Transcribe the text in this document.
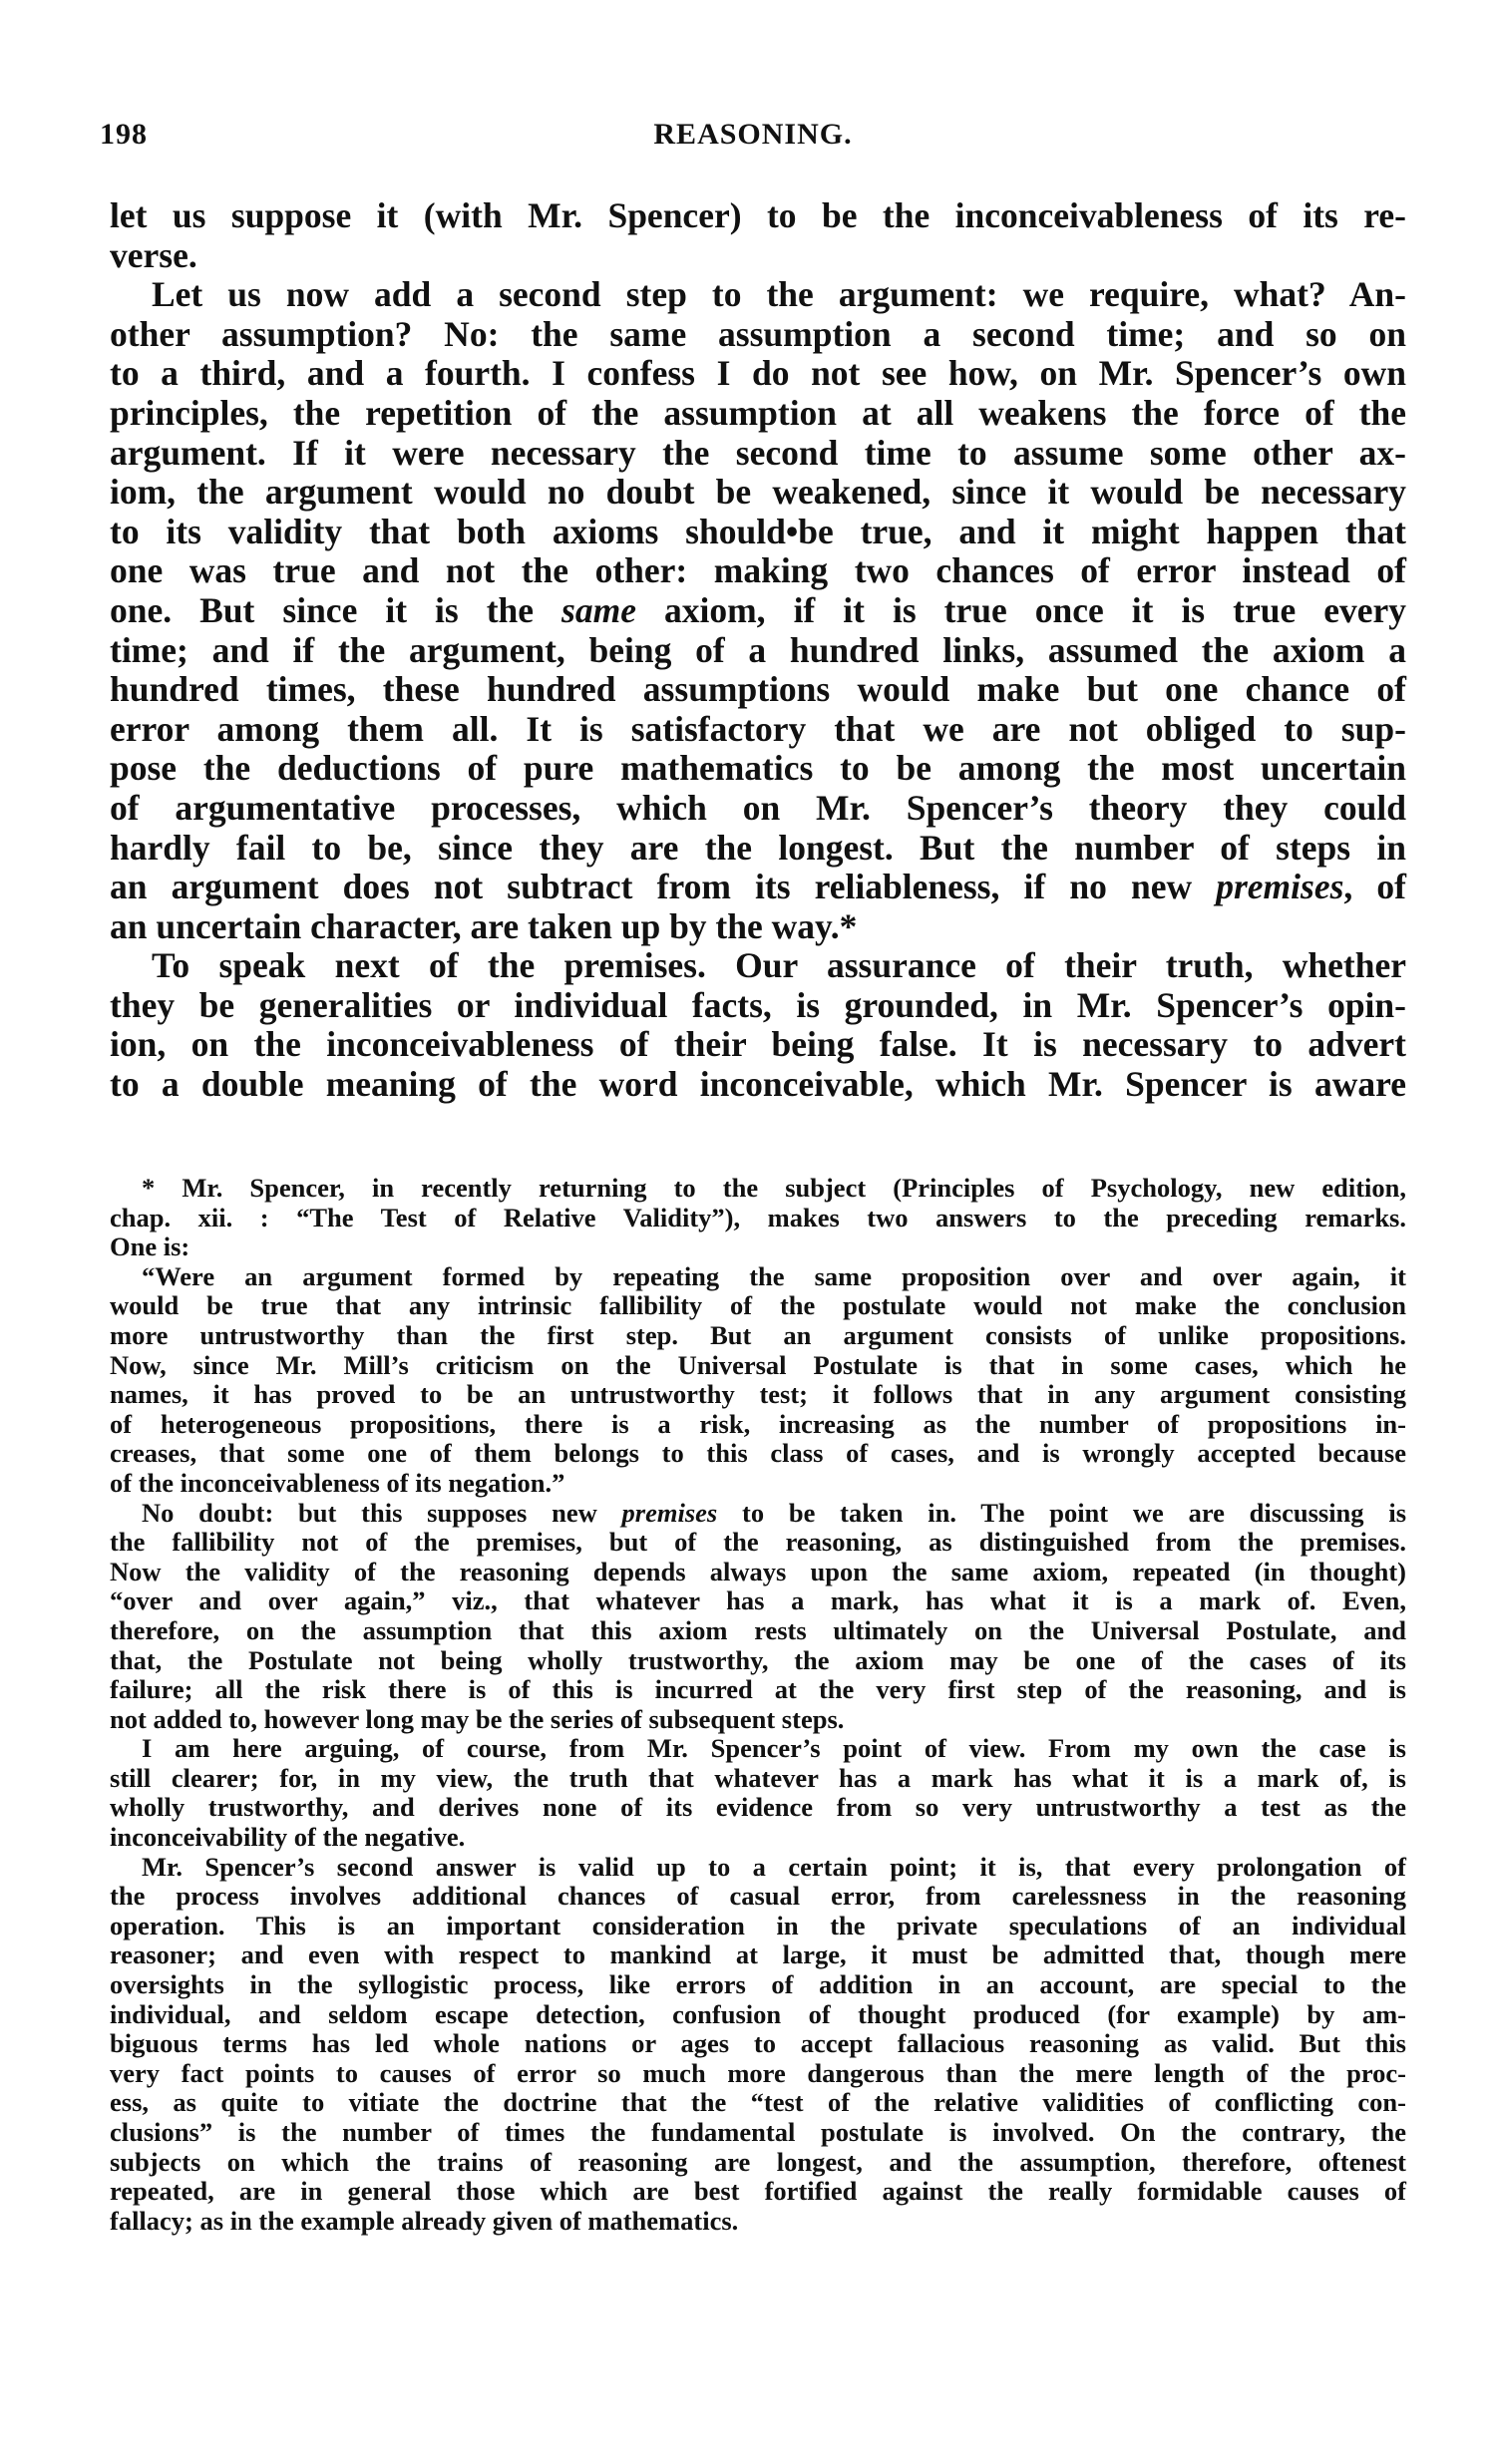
198	REASONING.
let us suppose it (with Mr. Spencer) to be the inconceivableness of its re-
verse.
Let us now add a second step to the argument: we require, what? An-
other assumption? No: the same assumption a second time; and so on
to a third, and a fourth. I confess I do not see how, on Mr. Spencer’s own
principles, the repetition of the assumption at all weakens the force of the
argument. If it were necessary the second time to assume some other ax-
iom, the argument would no doubt be weakened, since it would be necessary
to its validity that both axioms should•be true, and it might happen that
one was true and not the other: making two chances of error instead of
one. But since it is the same axiom, if it is true once it is true every
time; and if the argument, being of a hundred links, assumed the axiom a
hundred times, these hundred assumptions would make but one chance of
error among them all. It is satisfactory that we are not obliged to sup-
pose the deductions of pure mathematics to be among the most uncertain
of argumentative processes, which on Mr. Spencer’s theory they could
hardly fail to be, since they are the longest. But the number of steps in
an argument does not subtract from its reliableness, if no new premises, of
an uncertain character, are taken up by the way.*
To speak next of the premises. Our assurance of their truth, whether
they be generalities or individual facts, is grounded, in Mr. Spencer’s opin-
ion, on the inconceivableness of their being false. It is necessary to advert
to a double meaning of the word inconceivable, which Mr. Spencer is aware
* Mr. Spencer, in recently returning to the subject (Principles of Psychology, new edition,
chap. xii. : “The Test of Relative Validity”), makes two answers to the preceding remarks.
One is:
“Were an argument formed by repeating the same proposition over and over again, it
would be true that any intrinsic fallibility of the postulate would not make the conclusion
more untrustworthy than the first step. But an argument consists of unlike propositions.
Now, since Mr. Mill’s criticism on the Universal Postulate is that in some cases, which he
names, it has proved to be an untrustworthy test; it follows that in any argument consisting
of heterogeneous propositions, there is a risk, increasing as the number of propositions in-
creases, that some one of them belongs to this class of cases, and is wrongly accepted because
of the inconceivableness of its negation.”
No doubt: but this supposes new premises to be taken in. The point we are discussing is
the fallibility not of the premises, but of the reasoning, as distinguished from the premises.
Now the validity of the reasoning depends always upon the same axiom, repeated (in thought)
“over and over again,” viz., that whatever has a mark, has what it is a mark of. Even,
therefore, on the assumption that this axiom rests ultimately on the Universal Postulate, and
that, the Postulate not being wholly trustworthy, the axiom may be one of the cases of its
failure; all the risk there is of this is incurred at the very first step of the reasoning, and is
not added to, however long may be the series of subsequent steps.
I am here arguing, of course, from Mr. Spencer’s point of view. From my own the case is
still clearer; for, in my view, the truth that whatever has a mark has what it is a mark of, is
wholly trustworthy, and derives none of its evidence from so very untrustworthy a test as the
inconceivability of the negative.
Mr. Spencer’s second answer is valid up to a certain point; it is, that every prolongation of
the process involves additional chances of casual error, from carelessness in the reasoning
operation. This is an important consideration in the private speculations of an individual
reasoner; and even with respect to mankind at large, it must be admitted that, though mere
oversights in the syllogistic process, like errors of addition in an account, are special to the
individual, and seldom escape detection, confusion of thought produced (for example) by am-
biguous terms has led whole nations or ages to accept fallacious reasoning as valid. But this
very fact points to causes of error so much more dangerous than the mere length of the proc-
ess, as quite to vitiate the doctrine that the “test of the relative validities of conflicting con-
clusions” is the number of times the fundamental postulate is involved. On the contrary, the
subjects on which the trains of reasoning are longest, and the assumption, therefore, oftenest
repeated, are in general those which are best fortified against the really formidable causes of
fallacy; as in the example already given of mathematics.
